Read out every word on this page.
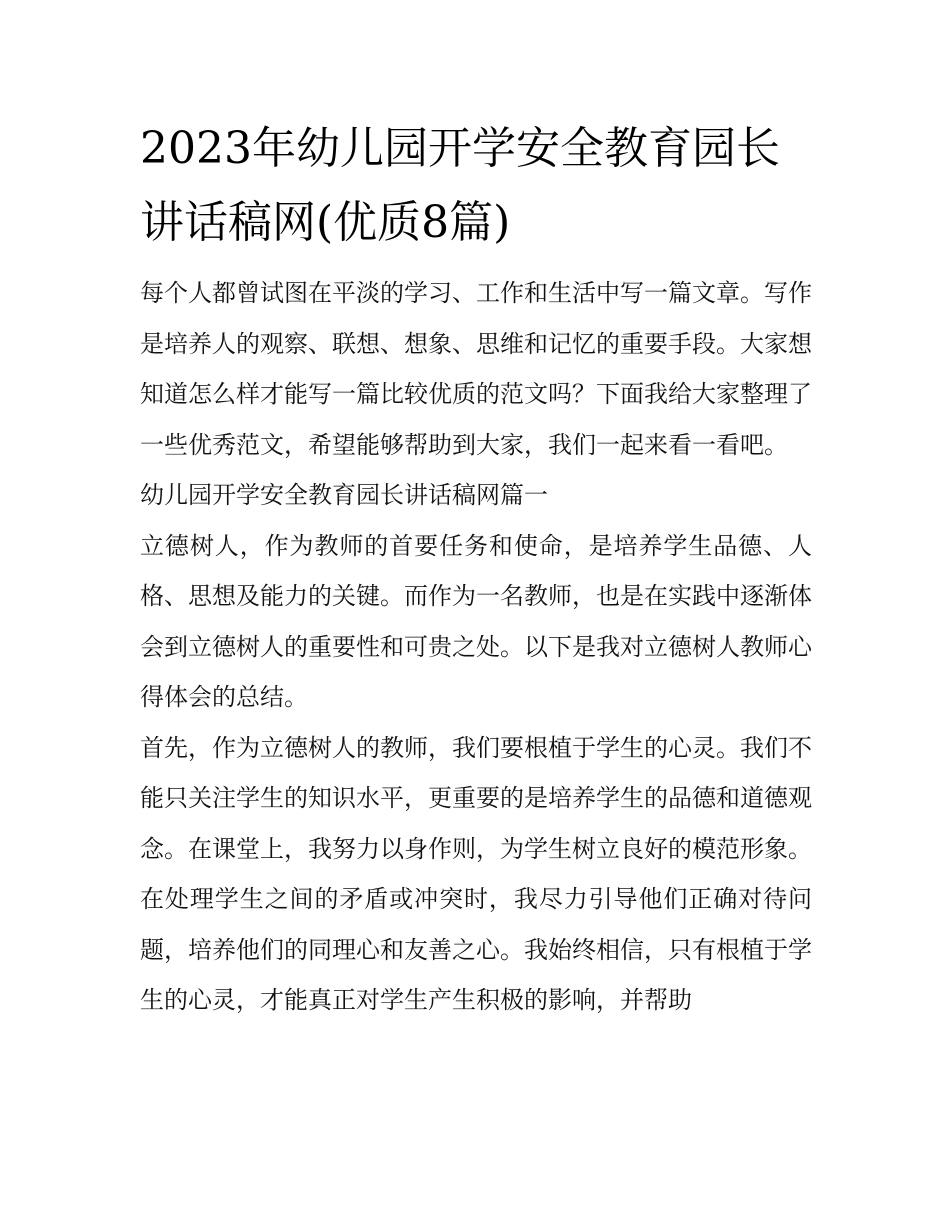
2023年幼儿园开学安全教育园长讲话稿网(优质8篇)

每个人都曾试图在平淡的学习、工作和生活中写一篇文章。写作是培养人的观察、联想、想象、思维和记忆的重要手段。大家想知道怎么样才能写一篇比较优质的范文吗？下面我给大家整理了一些优秀范文，希望能够帮助到大家，我们一起来看一看吧。

幼儿园开学安全教育园长讲话稿网篇一

立德树人，作为教师的首要任务和使命，是培养学生品德、人格、思想及能力的关键。而作为一名教师，也是在实践中逐渐体会到立德树人的重要性和可贵之处。以下是我对立德树人教师心得体会的总结。

首先，作为立德树人的教师，我们要根植于学生的心灵。我们不能只关注学生的知识水平，更重要的是培养学生的品德和道德观念。在课堂上，我努力以身作则，为学生树立良好的模范形象。在处理学生之间的矛盾或冲突时，我尽力引导他们正确对待问题，培养他们的同理心和友善之心。我始终相信，只有根植于学生的心灵，才能真正对学生产生积极的影响，并帮助
